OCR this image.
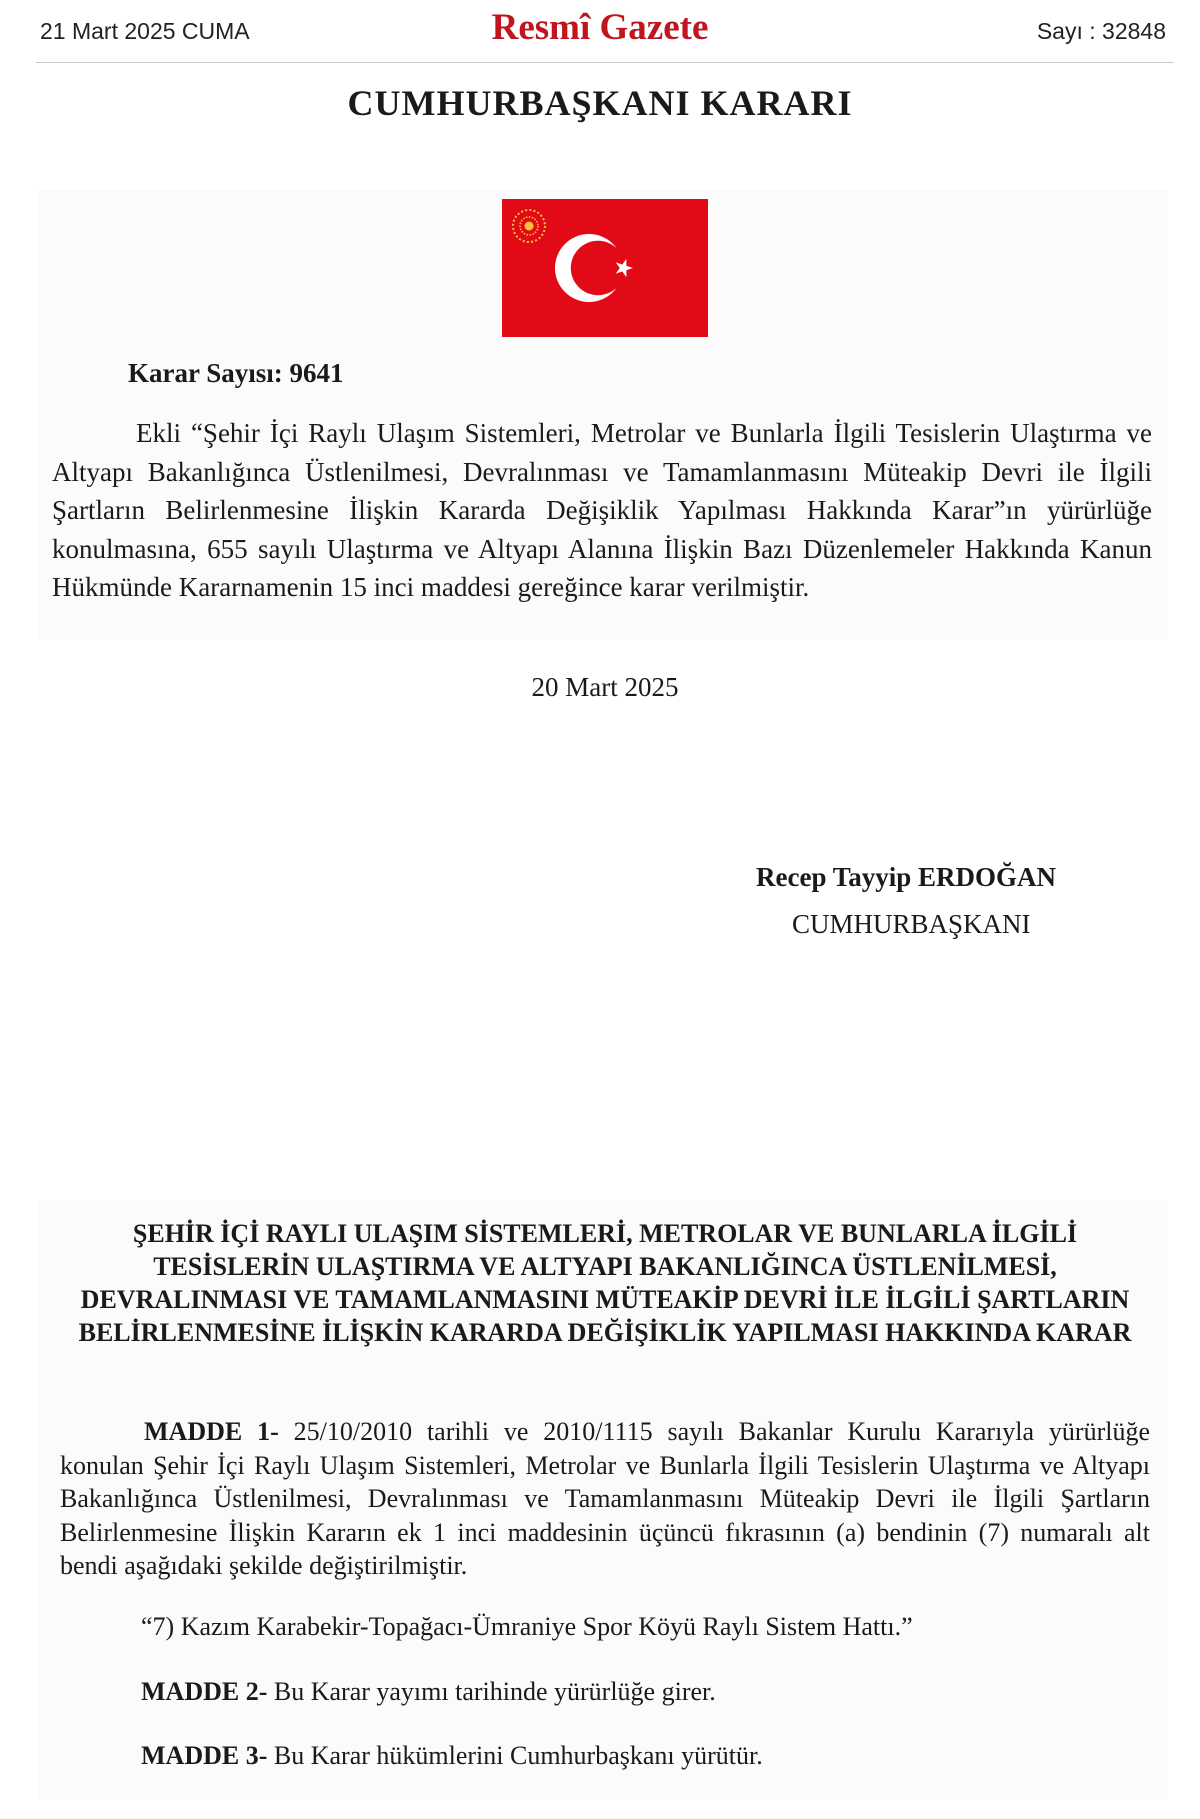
21 Mart 2025 CUMA	Resmî Gazete	Sayı : 32848
CUMHURBAŞKANI KARARI
Karar Sayısı: 9641
Ekli “Şehir İçi Raylı Ulaşım Sistemleri, Metrolar ve Bunlarla İlgili Tesislerin Ulaştırma ve Altyapı Bakanlığınca Üstlenilmesi, Devralınması ve Tamamlanmasını Müteakip Devri ile İlgili Şartların Belirlenmesine İlişkin Kararda Değişiklik Yapılması Hakkında Karar”ın yürürlüğe konulmasına, 655 sayılı Ulaştırma ve Altyapı Alanına İlişkin Bazı Düzenlemeler Hakkında Kanun Hükmünde Kararnamenin 15 inci maddesi gereğince karar verilmiştir.
20 Mart 2025
Recep Tayyip ERDOĞAN
CUMHURBAŞKANI
ŞEHİR İÇİ RAYLI ULAŞIM SİSTEMLERİ, METROLAR VE BUNLARLA İLGİLİ TESİSLERİN ULAŞTIRMA VE ALTYAPI BAKANLIĞINCA ÜSTLENİLMESİ, DEVRALINMASI VE TAMAMLANMASINI MÜTEAKİP DEVRİ İLE İLGİLİ ŞARTLARIN BELİRLENMESİNE İLİŞKİN KARARDA DEĞİŞİKLİK YAPILMASI HAKKINDA KARAR
MADDE 1- 25/10/2010 tarihli ve 2010/1115 sayılı Bakanlar Kurulu Kararıyla yürürlüğe konulan Şehir İçi Raylı Ulaşım Sistemleri, Metrolar ve Bunlarla İlgili Tesislerin Ulaştırma ve Altyapı Bakanlığınca Üstlenilmesi, Devralınması ve Tamamlanmasını Müteakip Devri ile İlgili Şartların Belirlenmesine İlişkin Kararın ek 1 inci maddesinin üçüncü fıkrasının (a) bendinin (7) numaralı alt bendi aşağıdaki şekilde değiştirilmiştir.
“7) Kazım Karabekir-Topağacı-Ümraniye Spor Köyü Raylı Sistem Hattı.”
MADDE 2- Bu Karar yayımı tarihinde yürürlüğe girer.
MADDE 3- Bu Karar hükümlerini Cumhurbaşkanı yürütür.
